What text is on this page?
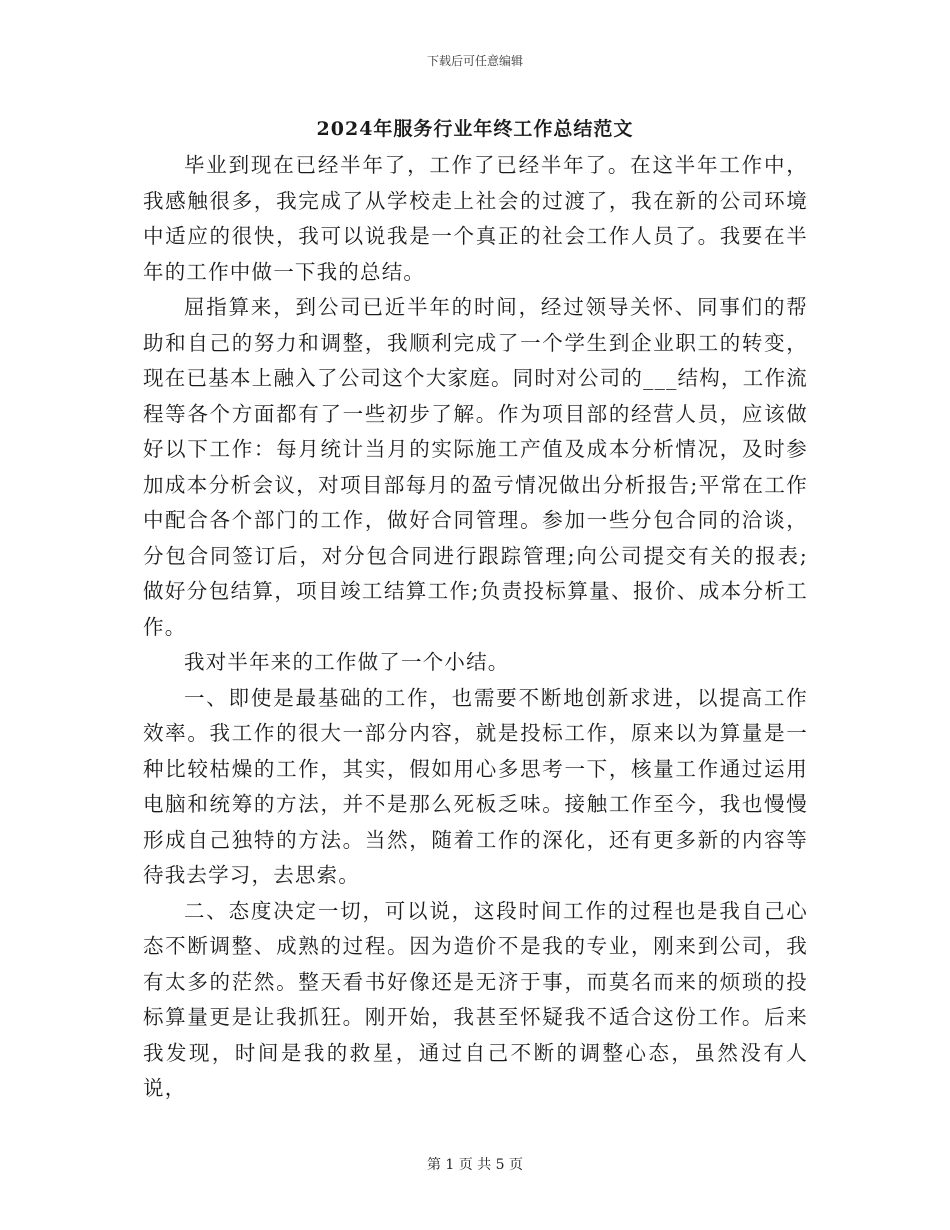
下载后可任意编辑
2024年服务行业年终工作总结范文

毕业到现在已经半年了，工作了已经半年了。在这半年工作中，我感触很多，我完成了从学校走上社会的过渡了，我在新的公司环境中适应的很快，我可以说我是一个真正的社会工作人员了。我要在半年的工作中做一下我的总结。

屈指算来，到公司已近半年的时间，经过领导关怀、同事们的帮助和自己的努力和调整，我顺利完成了一个学生到企业职工的转变，现在已基本上融入了公司这个大家庭。同时对公司的___结构，工作流程等各个方面都有了一些初步了解。作为项目部的经营人员，应该做好以下工作：每月统计当月的实际施工产值及成本分析情况，及时参加成本分析会议，对项目部每月的盈亏情况做出分析报告;平常在工作中配合各个部门的工作，做好合同管理。参加一些分包合同的洽谈，分包合同签订后，对分包合同进行跟踪管理;向公司提交有关的报表;做好分包结算，项目竣工结算工作;负责投标算量、报价、成本分析工作。

我对半年来的工作做了一个小结。

一、即使是最基础的工作，也需要不断地创新求进，以提高工作效率。我工作的很大一部分内容，就是投标工作，原来以为算量是一种比较枯燥的工作，其实，假如用心多思考一下，核量工作通过运用电脑和统筹的方法，并不是那么死板乏味。接触工作至今，我也慢慢形成自己独特的方法。当然，随着工作的深化，还有更多新的内容等待我去学习，去思索。

二、态度决定一切，可以说，这段时间工作的过程也是我自己心态不断调整、成熟的过程。因为造价不是我的专业，刚来到公司，我有太多的茫然。整天看书好像还是无济于事，而莫名而来的烦琐的投标算量更是让我抓狂。刚开始，我甚至怀疑我不适合这份工作。后来我发现，时间是我的救星，通过自己不断的调整心态，虽然没有人说，

第 1 页 共 5 页
